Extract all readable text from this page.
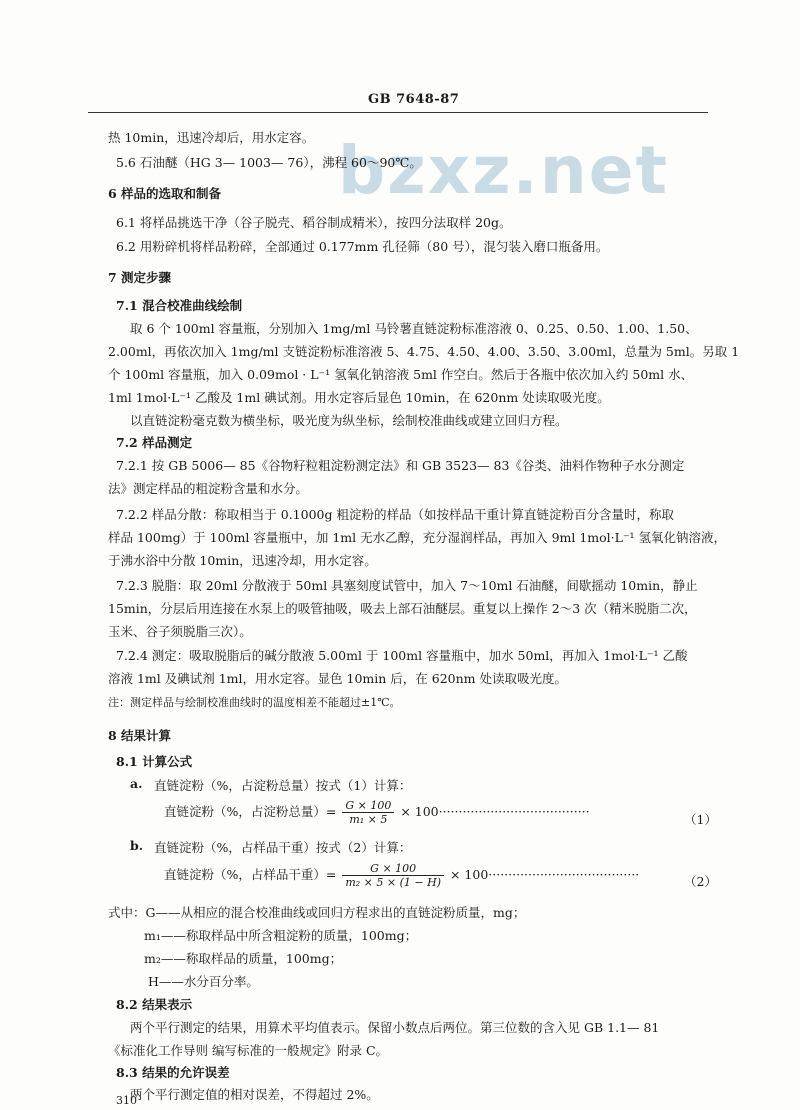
GB 7648-87
bzxz.net
热 10min，迅速冷却后，用水定容。
5.6 石油醚（HG 3— 1003— 76），沸程 60～90℃。
6 样品的选取和制备
6.1 将样品挑选干净（谷子脱壳、稻谷制成精米），按四分法取样 20g。
6.2 用粉碎机将样品粉碎，全部通过 0.177mm 孔径筛（80 号），混匀装入磨口瓶备用。
7 测定步骤
7.1 混合校准曲线绘制
取 6 个 100ml 容量瓶，分别加入 1mg/ml 马铃薯直链淀粉标准溶液 0、0.25、0.50、1.00、1.50、
2.00ml，再依次加入 1mg/ml 支链淀粉标准溶液 5、4.75、4.50、4.00、3.50、3.00ml，总量为 5ml。另取 1
个 100ml 容量瓶，加入 0.09mol · L⁻¹ 氢氧化钠溶液 5ml 作空白。然后于各瓶中依次加入约 50ml 水、
1ml 1mol·L⁻¹ 乙酸及 1ml 碘试剂。用水定容后显色 10min，在 620nm 处读取吸光度。
以直链淀粉毫克数为横坐标，吸光度为纵坐标，绘制校准曲线或建立回归方程。
7.2 样品测定
7.2.1 按 GB 5006— 85《谷物籽粒粗淀粉测定法》和 GB 3523— 83《谷类、油料作物种子水分测定
法》测定样品的粗淀粉含量和水分。
7.2.2 样品分散：称取相当于 0.1000g 粗淀粉的样品（如按样品干重计算直链淀粉百分含量时，称取
样品 100mg）于 100ml 容量瓶中，加 1ml 无水乙醇，充分湿润样品，再加入 9ml 1mol·L⁻¹ 氢氧化钠溶液，
于沸水浴中分散 10min，迅速冷却，用水定容。
7.2.3 脱脂：取 20ml 分散液于 50ml 具塞刻度试管中，加入 7～10ml 石油醚，间歇摇动 10min，静止
15min，分层后用连接在水泵上的吸管抽吸，吸去上部石油醚层。重复以上操作 2～3 次（精米脱脂二次，
玉米、谷子须脱脂三次）。
7.2.4 测定：吸取脱脂后的碱分散液 5.00ml 于 100ml 容量瓶中，加水 50ml，再加入 1mol·L⁻¹ 乙酸
溶液 1ml 及碘试剂 1ml，用水定容。显色 10min 后，在 620nm 处读取吸光度。
注：测定样品与绘制校准曲线时的温度相差不能超过±1℃。
8 结果计算
8.1 计算公式
a. 直链淀粉（%，占淀粉总量）按式（1）计算：
直链淀粉（%，占淀粉总量）= $\frac{G \times 100}{\text{m₁ × 5}} \times 100\cdot\cdot\cdot\cdot\cdot\cdot\cdot\cdot\cdot\cdot\cdot\cdot\cdot\cdot\cdot\cdot\cdot\cdot\cdot\cdot\cdot\cdot\cdot\cdot\cdot\cdot\cdot\cdot\cdot\cdot\cdot\cdot\cdot\cdot\cdot\cdot\cdot\cdot$
（1）
b. 直链淀粉（%，占样品干重）按式（2）计算：
直链淀粉（%，占样品干重）= $\frac{G \times 100}{\text{m₂ × 5 × (1 − H)}} \times 100\cdot\cdot\cdot\cdot\cdot\cdot\cdot\cdot\cdot\cdot\cdot\cdot\cdot\cdot\cdot\cdot\cdot\cdot\cdot\cdot\cdot\cdot\cdot\cdot\cdot\cdot\cdot\cdot\cdot\cdot\cdot\cdot\cdot\cdot\cdot\cdot\cdot\cdot$	（2）
式中：G——从相应的混合校准曲线或回归方程求出的直链淀粉质量，mg；
m₁——称取样品中所含粗淀粉的质量，100mg；
m₂——称取样品的质量，100mg；
H——水分百分率。
8.2 结果表示
两个平行测定的结果，用算术平均值表示。保留小数点后两位。第三位数的含入见 GB 1.1— 81
《标准化工作导则 编写标准的一般规定》附录 C。
8.3 结果的允许误差
两个平行测定值的相对误差，不得超过 2%。
310
